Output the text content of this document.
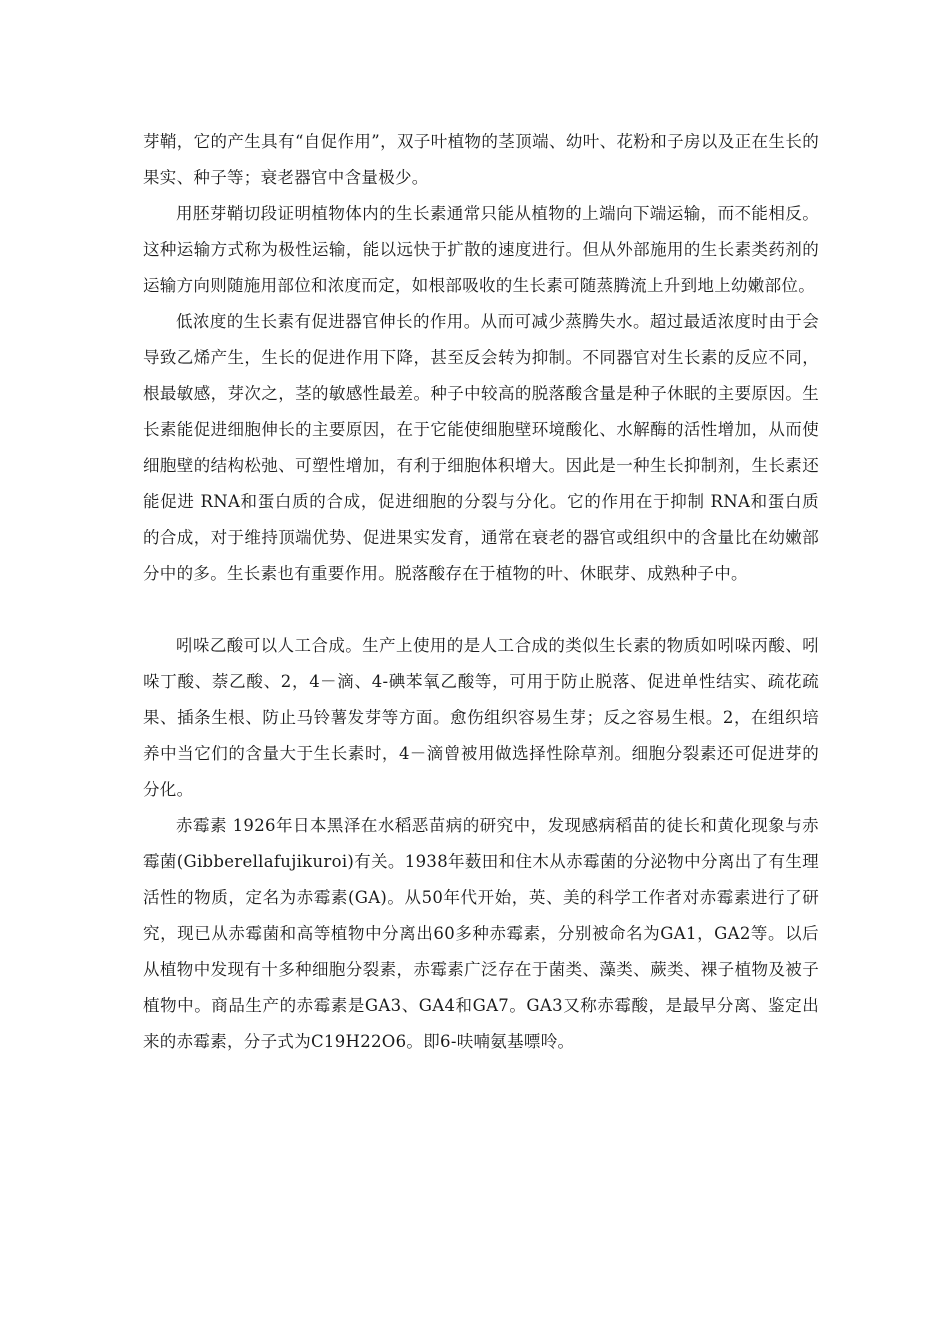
芽鞘，它的产生具有“自促作用”，双子叶植物的茎顶端、幼叶、花粉和子房以及正在生长的果实、种子等；衰老器官中含量极少。

用胚芽鞘切段证明植物体内的生长素通常只能从植物的上端向下端运输，而不能相反。这种运输方式称为极性运输，能以远快于扩散的速度进行。但从外部施用的生长素类药剂的运输方向则随施用部位和浓度而定，如根部吸收的生长素可随蒸腾流上升到地上幼嫩部位。

低浓度的生长素有促进器官伸长的作用。从而可减少蒸腾失水。超过最适浓度时由于会导致乙烯产生，生长的促进作用下降，甚至反会转为抑制。不同器官对生长素的反应不同，根最敏感，芽次之，茎的敏感性最差。种子中较高的脱落酸含量是种子休眠的主要原因。生长素能促进细胞伸长的主要原因，在于它能使细胞壁环境酸化、水解酶的活性增加，从而使细胞壁的结构松弛、可塑性增加，有利于细胞体积增大。因此是一种生长抑制剂，生长素还能促进 RNA和蛋白质的合成，促进细胞的分裂与分化。它的作用在于抑制 RNA和蛋白质的合成，对于维持顶端优势、促进果实发育，通常在衰老的器官或组织中的含量比在幼嫩部分中的多。生长素也有重要作用。脱落酸存在于植物的叶、休眠芽、成熟种子中。

吲哚乙酸可以人工合成。生产上使用的是人工合成的类似生长素的物质如吲哚丙酸、吲哚丁酸、萘乙酸、2，4－滴、4-碘苯氧乙酸等，可用于防止脱落、促进单性结实、疏花疏果、插条生根、防止马铃薯发芽等方面。愈伤组织容易生芽；反之容易生根。2，在组织培养中当它们的含量大于生长素时，4－滴曾被用做选择性除草剂。细胞分裂素还可促进芽的分化。

赤霉素 1926年日本黑泽在水稻恶苗病的研究中，发现感病稻苗的徒长和黄化现象与赤霉菌(Gibberellafujikuroi)有关。1938年薮田和住木从赤霉菌的分泌物中分离出了有生理活性的物质，定名为赤霉素(GA)。从50年代开始，英、美的科学工作者对赤霉素进行了研究，现已从赤霉菌和高等植物中分离出60多种赤霉素，分别被命名为GA1，GA2等。以后从植物中发现有十多种细胞分裂素，赤霉素广泛存在于菌类、藻类、蕨类、裸子植物及被子植物中。商品生产的赤霉素是GA3、GA4和GA7。GA3又称赤霉酸，是最早分离、鉴定出来的赤霉素，分子式为C19H22O6。即6-呋喃氨基嘌呤。
